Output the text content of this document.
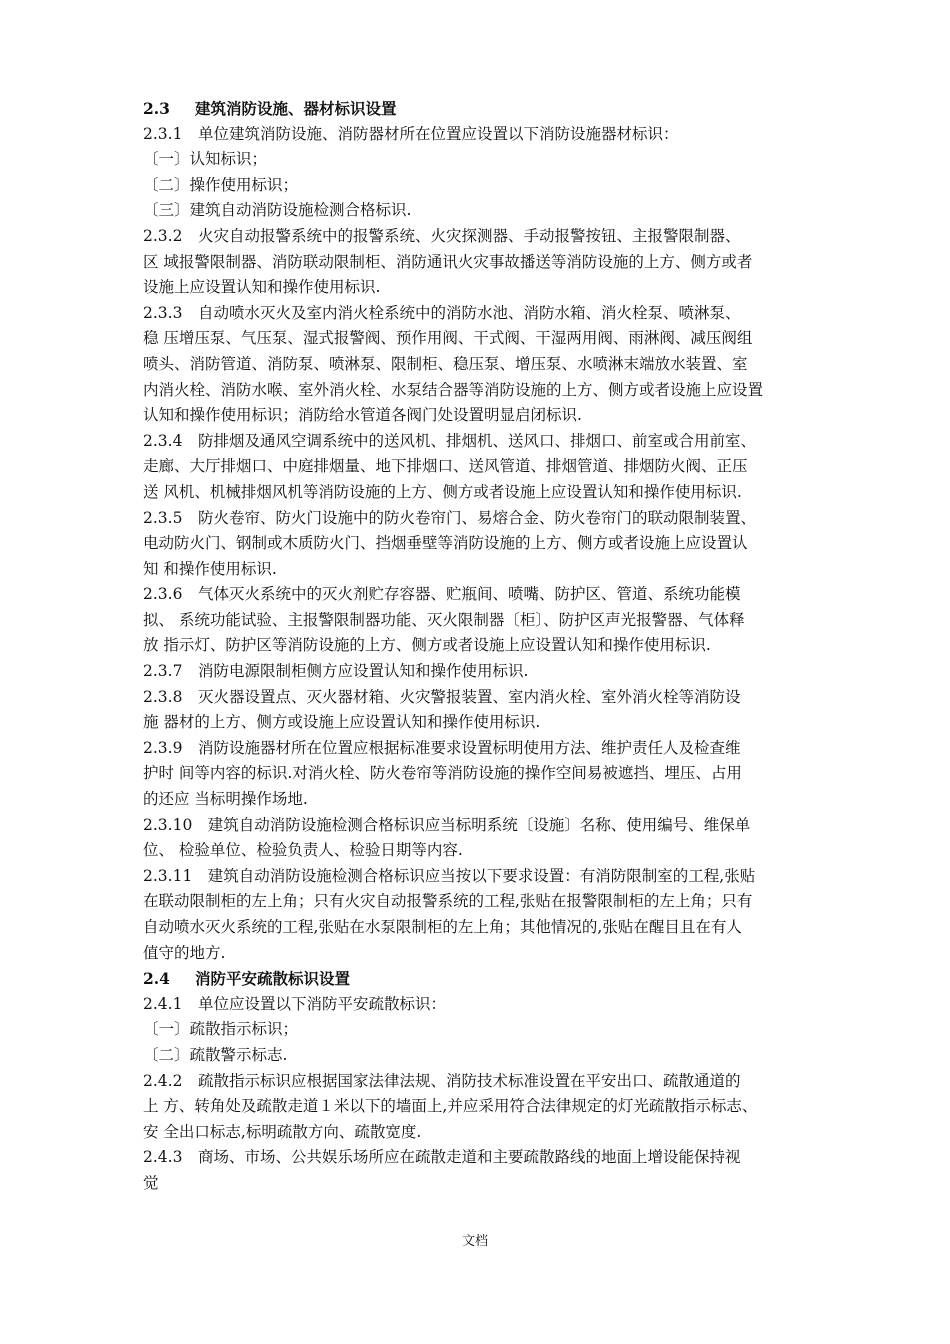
2.3 建筑消防设施、器材标识设置
2.3.1　单位建筑消防设施、消防器材所在位置应设置以下消防设施器材标识：
〔一〕认知标识；
〔二〕操作使用标识；
〔三〕建筑自动消防设施检测合格标识.
2.3.2　火灾自动报警系统中的报警系统、火灾探测器、手动报警按钮、主报警限制器、
区 域报警限制器、消防联动限制柜、消防通讯火灾事故播送等消防设施的上方、侧方或者
设施上应设置认知和操作使用标识.
2.3.3　自动喷水灭火及室内消火栓系统中的消防水池、消防水箱、消火栓泵、喷淋泵、
稳 压增压泵、气压泵、湿式报警阀、预作用阀、干式阀、干湿两用阀、雨淋阀、减压阀组
喷头、消防管道、消防泵、喷淋泵、限制柜、稳压泵、增压泵、水喷淋末端放水装置、室
内消火栓、消防水喉、室外消火栓、水泵结合器等消防设施的上方、侧方或者设施上应设置
认知和操作使用标识；消防给水管道各阀门处设置明显启闭标识.
2.3.4　防排烟及通风空调系统中的送风机、排烟机、送风口、排烟口、前室或合用前室、
走廊、大厅排烟口、中庭排烟量、地下排烟口、送风管道、排烟管道、排烟防火阀、正压
送 风机、机械排烟风机等消防设施的上方、侧方或者设施上应设置认知和操作使用标识.
2.3.5　防火卷帘、防火门设施中的防火卷帘门、易熔合金、防火卷帘门的联动限制装置、
电动防火门、钢制或木质防火门、挡烟垂壁等消防设施的上方、侧方或者设施上应设置认
知 和操作使用标识.
2.3.6　气体灭火系统中的灭火剂贮存容器、贮瓶间、喷嘴、防护区、管道、系统功能模
拟、 系统功能试验、主报警限制器功能、灭火限制器〔柜〕、防护区声光报警器、气体释
放 指示灯、防护区等消防设施的上方、侧方或者设施上应设置认知和操作使用标识.
2.3.7　消防电源限制柜侧方应设置认知和操作使用标识.
2.3.8　灭火器设置点、灭火器材箱、火灾警报装置、室内消火栓、室外消火栓等消防设
施 器材的上方、侧方或设施上应设置认知和操作使用标识.
2.3.9　消防设施器材所在位置应根据标准要求设置标明使用方法、维护责任人及检查维
护时 间等内容的标识.对消火栓、防火卷帘等消防设施的操作空间易被遮挡、埋压、占用
的还应 当标明操作场地.
2.3.10　建筑自动消防设施检测合格标识应当标明系统〔设施〕名称、使用编号、维保单
位、 检验单位、检验负责人、检验日期等内容.
2.3.11　建筑自动消防设施检测合格标识应当按以下要求设置：有消防限制室的工程,张贴
在联动限制柜的左上角；只有火灾自动报警系统的工程,张贴在报警限制柜的左上角；只有
自动喷水灭火系统的工程,张贴在水泵限制柜的左上角；其他情况的,张贴在醒目且在有人
值守的地方.
2.4 消防平安疏散标识设置
2.4.1　单位应设置以下消防平安疏散标识：
〔一〕疏散指示标识；
〔二〕疏散警示标志.
2.4.2　疏散指示标识应根据国家法律法规、消防技术标准设置在平安出口、疏散通道的
上 方、转角处及疏散走道１米以下的墙面上,并应采用符合法律规定的灯光疏散指示标志、
安 全出口标志,标明疏散方向、疏散宽度.
2.4.3　商场、市场、公共娱乐场所应在疏散走道和主要疏散路线的地面上增设能保持视
觉
文档
